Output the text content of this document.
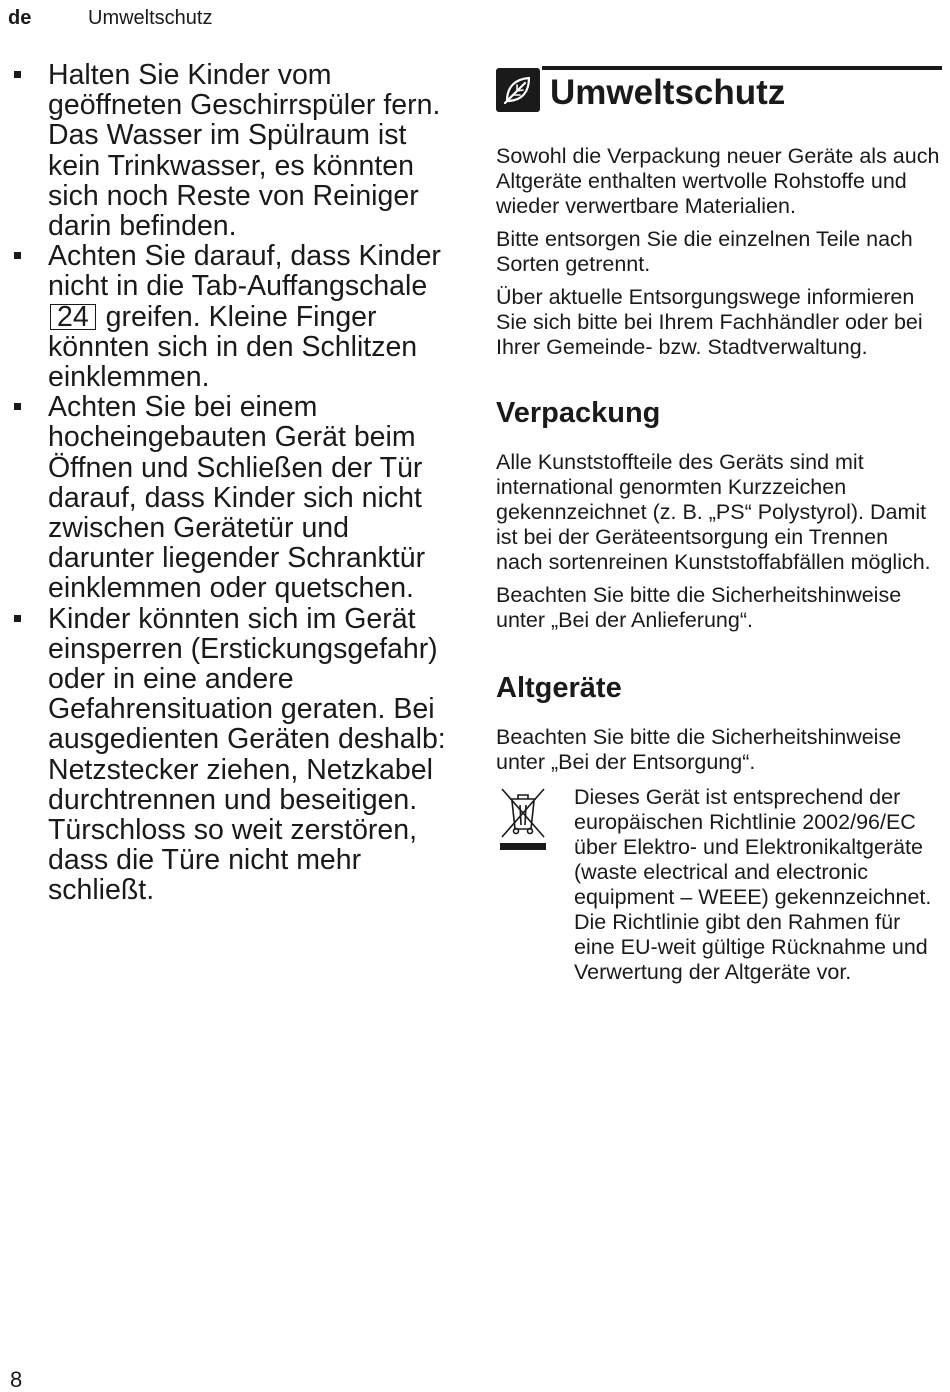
de	Umweltschutz
Halten Sie Kinder vom geöffneten Geschirrspüler fern. Das Wasser im Spülraum ist kein Trinkwasser, es könnten sich noch Reste von Reiniger darin befinden.
Achten Sie darauf, dass Kinder nicht in die Tab-Auffangschale 24 greifen. Kleine Finger könnten sich in den Schlitzen einklemmen.
Achten Sie bei einem hocheingebauten Gerät beim Öffnen und Schließen der Tür darauf, dass Kinder sich nicht zwischen Gerätetür und darunter liegender Schranktür einklemmen oder quetschen.
Kinder könnten sich im Gerät einsperren (Erstickungsgefahr) oder in eine andere Gefahrensituation geraten. Bei ausgedienten Geräten deshalb: Netzstecker ziehen, Netzkabel durchtrennen und beseitigen. Türschloss so weit zerstören, dass die Türe nicht mehr schließt.
Umweltschutz

Sowohl die Verpackung neuer Geräte als auch Altgeräte enthalten wertvolle Rohstoffe und wieder verwertbare Materialien.

Bitte entsorgen Sie die einzelnen Teile nach Sorten getrennt.

Über aktuelle Entsorgungswege informieren Sie sich bitte bei Ihrem Fachhändler oder bei Ihrer Gemeinde- bzw. Stadtverwaltung.

Verpackung

Alle Kunststoffteile des Geräts sind mit international genormten Kurzzeichen gekennzeichnet (z. B. „PS“ Polystyrol). Damit ist bei der Geräteentsorgung ein Trennen nach sortenreinen Kunststoffabfällen möglich.

Beachten Sie bitte die Sicherheitshinweise unter „Bei der Anlieferung“.

Altgeräte

Beachten Sie bitte die Sicherheitshinweise unter „Bei der Entsorgung“.

Dieses Gerät ist entsprechend der europäischen Richtlinie 2002/96/EC über Elektro- und Elektronikaltgeräte (waste electrical and electronic equipment – WEEE) gekennzeichnet. Die Richtlinie gibt den Rahmen für eine EU-weit gültige Rücknahme und Verwertung der Altgeräte vor.
8
